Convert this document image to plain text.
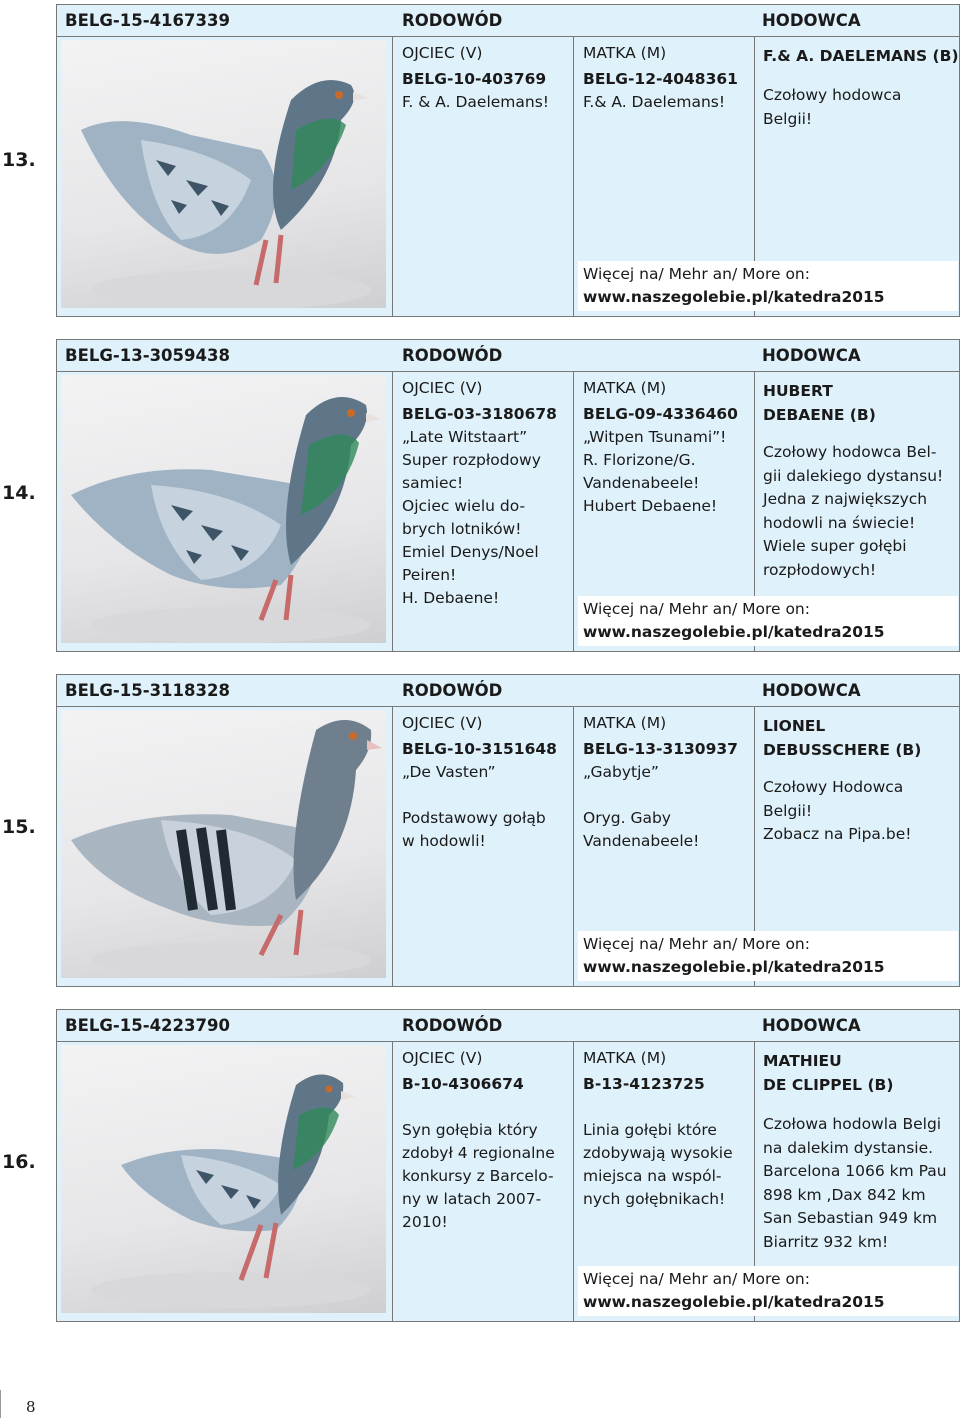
13.
BELG-15-4167339	RODOWÓD	HODOWCA
OJCIEC (V)
BELG-10-403769
F. & A. Daelemans!
MATKA (M)
BELG-12-4048361
F.& A. Daelemans!
F.& A. DAELEMANS (B)
Czołowy hodowca
Belgii!
Więcej na/ Mehr an/ More on:
www.naszegolebie.pl/katedra2015
14.
BELG-13-3059438	RODOWÓD	HODOWCA
OJCIEC (V)
BELG-03-3180678
„Late Witstaart”
Super rozpłodowy
samiec!
Ojciec wielu do-
brych lotników!
Emiel Denys/Noel
Peiren!
H. Debaene!
MATKA (M)
BELG-09-4336460
„Witpen Tsunami”!
R. Florizone/G.
Vandenabeele!
Hubert Debaene!
HUBERT
DEBAENE (B)
Czołowy hodowca Bel-
gii dalekiego dystansu!
Jedna z największych
hodowli na świecie!
Wiele super gołębi
rozpłodowych!
Więcej na/ Mehr an/ More on:
www.naszegolebie.pl/katedra2015
15.
BELG-15-3118328	RODOWÓD	HODOWCA
OJCIEC (V)
BELG-10-3151648
„De Vasten”

Podstawowy gołąb
w hodowli!
MATKA (M)
BELG-13-3130937
„Gabytje”

Oryg. Gaby
Vandenabeele!
LIONEL
DEBUSSCHERE (B)
Czołowy Hodowca
Belgii!
Zobacz na Pipa.be!
Więcej na/ Mehr an/ More on:
www.naszegolebie.pl/katedra2015
16.
BELG-15-4223790	RODOWÓD	HODOWCA
OJCIEC (V)
B-10-4306674
Syn gołębia który
zdobył 4 regionalne
konkursy z Barcelo-
ny w latach 2007-
2010!
MATKA (M)
B-13-4123725
Linia gołębi które
zdobywają wysokie
miejsca na wspól-
nych gołębnikach!
MATHIEU
DE CLIPPEL (B)
Czołowa hodowla Belgi
na dalekim dystansie.
Barcelona 1066 km Pau
898 km ,Dax 842 km
San Sebastian 949 km
Biarritz 932 km!
Więcej na/ Mehr an/ More on:
www.naszegolebie.pl/katedra2015
8
